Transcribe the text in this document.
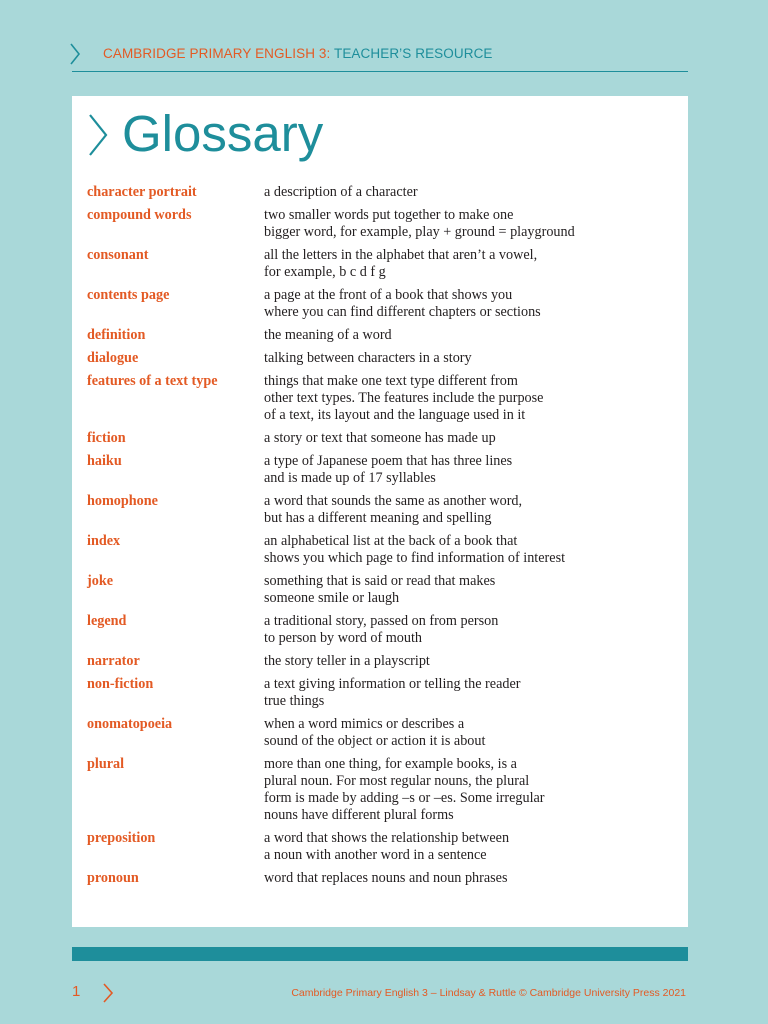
CAMBRIDGE PRIMARY ENGLISH 3: TEACHER’S RESOURCE
Glossary
character portrait	a description of a character
compound words	two smaller words put together to make one
bigger word, for example, play + ground = playground
consonant	all the letters in the alphabet that aren’t a vowel,
for example, b c d f g
contents page	a page at the front of a book that shows you
where you can find different chapters or sections
definition	the meaning of a word
dialogue	talking between characters in a story
features of a text type	things that make one text type different from
other text types. The features include the purpose
of a text, its layout and the language used in it
fiction	a story or text that someone has made up
haiku	a type of Japanese poem that has three lines
and is made up of 17 syllables
homophone	a word that sounds the same as another word,
but has a different meaning and spelling
index	an alphabetical list at the back of a book that
shows you which page to find information of interest
joke	something that is said or read that makes
someone smile or laugh
legend	a traditional story, passed on from person
to person by word of mouth
narrator	the story teller in a playscript
non-fiction	a text giving information or telling the reader
true things
onomatopoeia	when a word mimics or describes a
sound of the object or action it is about
plural	more than one thing, for example books, is a
plural noun. For most regular nouns, the plural
form is made by adding –s or –es. Some irregular
nouns have different plural forms
preposition	a word that shows the relationship between
a noun with another word in a sentence
pronoun	word that replaces nouns and noun phrases
1	Cambridge Primary English 3 – Lindsay & Ruttle © Cambridge University Press 2021
